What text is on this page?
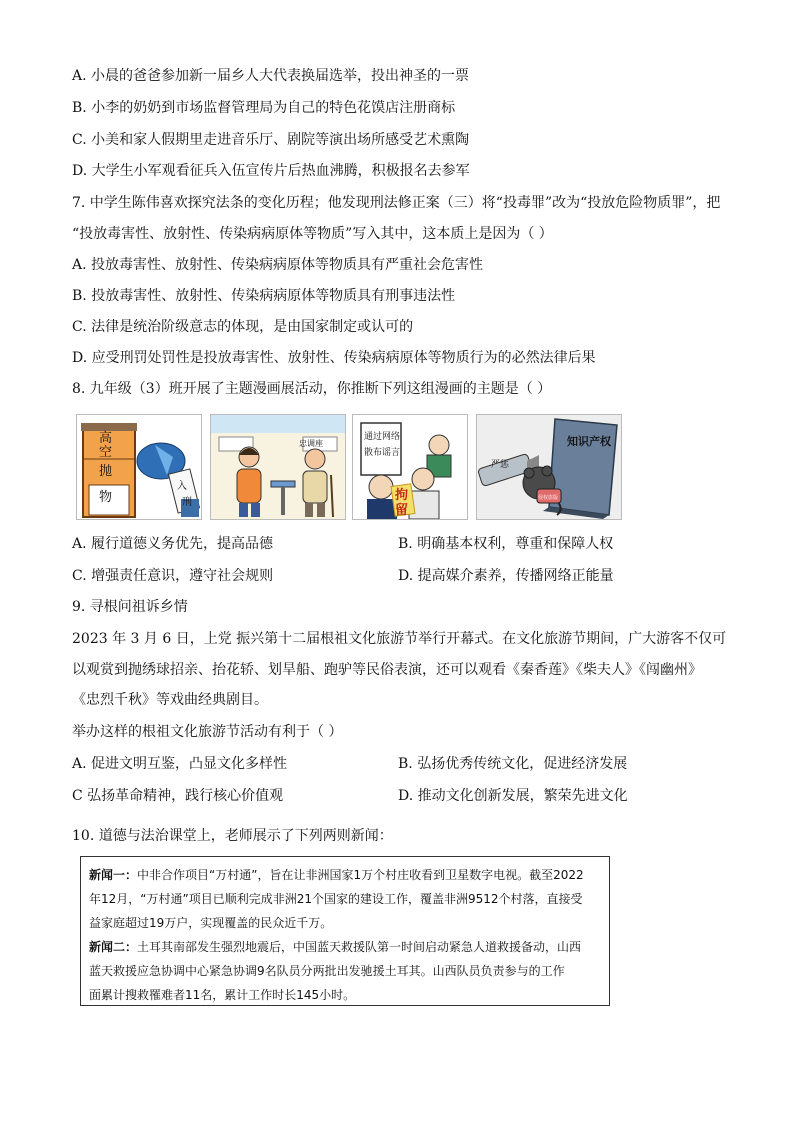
A. 小晨的爸爸参加新一届乡人大代表换届选举，投出神圣的一票
B. 小李的奶奶到市场监督管理局为自己的特色花馍店注册商标
C. 小美和家人假期里走进音乐厅、剧院等演出场所感受艺术熏陶
D. 大学生小军观看征兵入伍宣传片后热血沸腾，积极报名去参军
7. 中学生陈伟喜欢探究法条的变化历程；他发现刑法修正案（三）将“投毒罪”改为“投放危险物质罪”，把
“投放毒害性、放射性、传染病病原体等物质”写入其中，这本质上是因为（ ）
A. 投放毒害性、放射性、传染病病原体等物质具有严重社会危害性
B. 投放毒害性、放射性、传染病病原体等物质具有刑事违法性
C. 法律是统治阶级意志的体现，是由国家制定或认可的
D. 应受刑罚处罚性是投放毒害性、放射性、传染病病原体等物质行为的必然法律后果
8. 九年级（3）班开展了主题漫画展活动，你推断下列这组漫画的主题是（ ）
高
空
抛
物
入
刑
忠调座
通过网络
散布谣言
拘
留
严惩
知识产权
侵权盗版
A. 履行道德义务优先，提高品德	B. 明确基本权利，尊重和保障人权
C. 增强责任意识，遵守社会规则	D. 提高媒介素养，传播网络正能量
9. 寻根问祖诉乡情
2023 年 3 月 6 日，上党 振兴第十二届根祖文化旅游节举行开幕式。在文化旅游节期间，广大游客不仅可
以观赏到抛绣球招亲、抬花轿、划旱船、跑驴等民俗表演，还可以观看《秦香莲》《柴夫人》《闯幽州》
《忠烈千秋》等戏曲经典剧目。
举办这样的根祖文化旅游节活动有利于（ ）
A. 促进文明互鉴，凸显文化多样性	B. 弘扬优秀传统文化，促进经济发展
C 弘扬革命精神，践行核心价值观	D. 推动文化创新发展，繁荣先进文化
10. 道德与法治课堂上，老师展示了下列两则新闻：

新闻一：中非合作项目“万村通”，旨在让非洲国家1万个村庄收看到卫星数字电视。截至2022

年12月，“万村通”项目已顺利完成非洲21个国家的建设工作，覆盖非洲9512个村落，直接受

益家庭超过19万户，实现覆盖的民众近千万。

新闻二：土耳其南部发生强烈地震后，中国蓝天救援队第一时间启动紧急人道救援备动，山西

蓝天救援应急协调中心紧急协调9名队员分两批出发驰援土耳其。山西队员负责参与的工作

面累计搜救罹难者11名，累计工作时长145小时。
